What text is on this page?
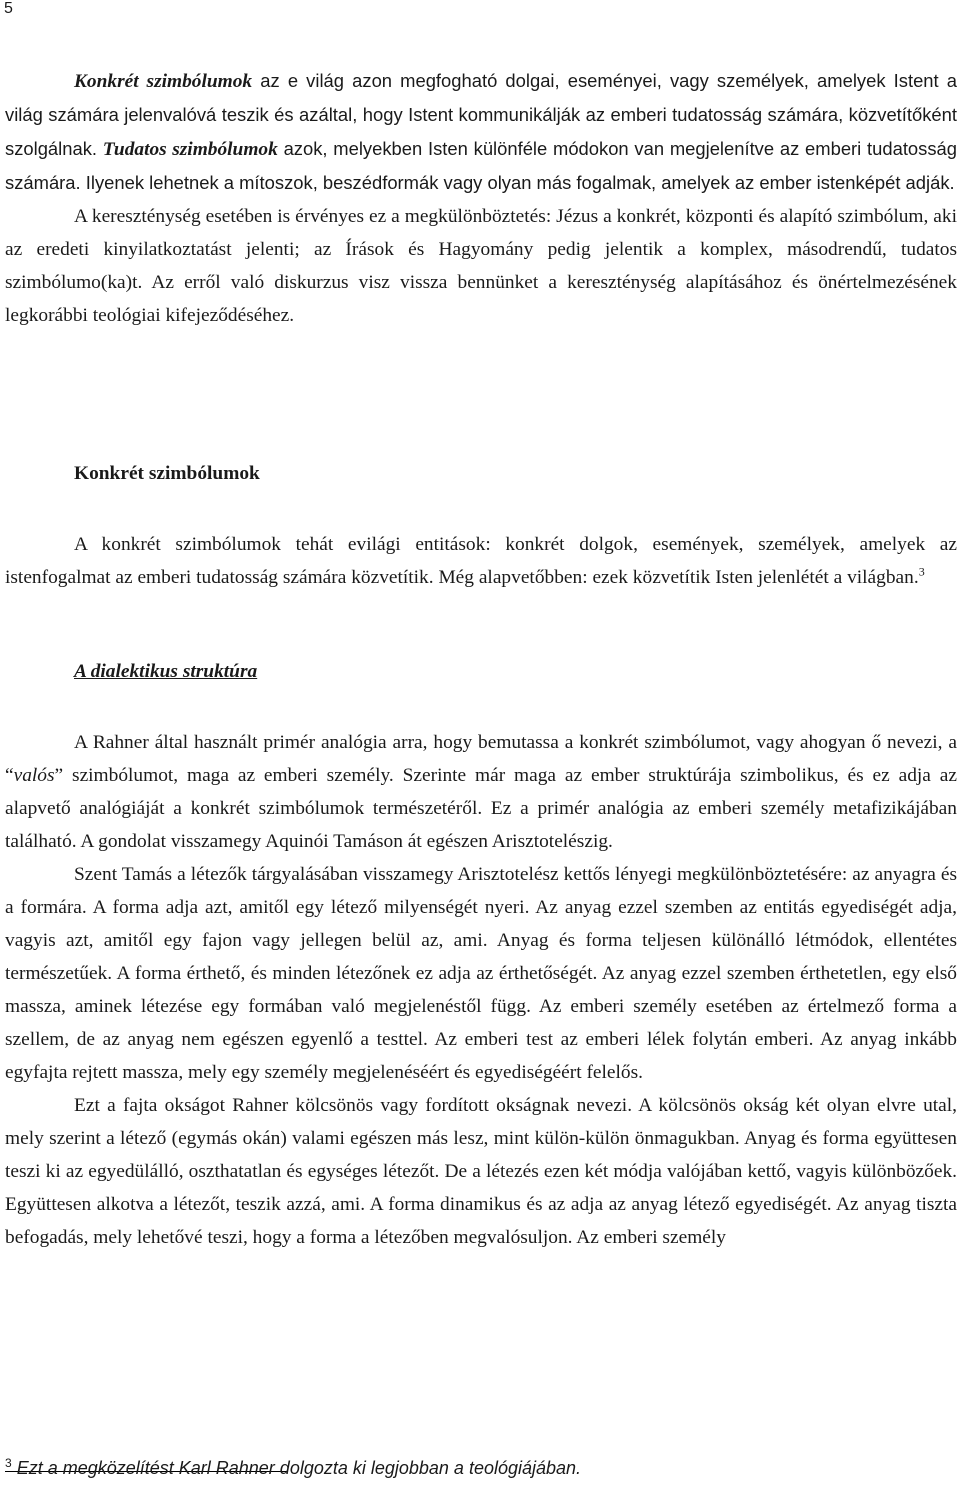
5

Konkrét szimbólumok az e világ azon megfogható dolgai, eseményei, vagy személyek, amelyek Istent a világ számára jelenvalóvá teszik és azáltal, hogy Istent kommunikálják az emberi tudatosság számára, közvetítőként szolgálnak. Tudatos szimbólumok azok, melyekben Isten különféle módokon van megjelenítve az emberi tudatosság számára. Ilyenek lehetnek a mítoszok, beszédformák vagy olyan más fogalmak, amelyek az ember istenképét adják.

A kereszténység esetében is érvényes ez a megkülönböztetés: Jézus a konkrét, központi és alapító szimbólum, aki az eredeti kinyilatkoztatást jelenti; az Írások és Hagyomány pedig jelentik a komplex, másodrendű, tudatos szimbólumo(ka)t. Az erről való diskurzus visz vissza bennünket a kereszténység alapításához és önértelmezésének legkorábbi teológiai kifejeződéséhez.

Konkrét szimbólumok

A konkrét szimbólumok tehát evilági entitások: konkrét dolgok, események, személyek, amelyek az istenfogalmat az emberi tudatosság számára közvetítik. Még alapvetőbben: ezek közvetítik Isten jelenlétét a világban.$^3$

A dialektikus struktúra

A Rahner által használt primér analógia arra, hogy bemutassa a konkrét szimbólumot, vagy ahogyan ő nevezi, a “valós” szimbólumot, maga az emberi személy. Szerinte már maga az ember struktúrája szimbolikus, és ez adja az alapvető analógiáját a konkrét szimbólumok természetéről. Ez a primér analógia az emberi személy metafizikájában található. A gondolat visszamegy Aquinói Tamáson át egészen Arisztotelészig.

Szent Tamás a létezők tárgyalásában visszamegy Arisztotelész kettős lényegi megkülönböztetésére: az anyagra és a formára. A forma adja azt, amitől egy létező milyenségét nyeri. Az anyag ezzel szemben az entitás egyediségét adja, vagyis azt, amitől egy fajon vagy jellegen belül az, ami. Anyag és forma teljesen különálló létmódok, ellentétes természetűek. A forma érthető, és minden létezőnek ez adja az érthetőségét. Az anyag ezzel szemben érthetetlen, egy első massza, aminek létezése egy formában való megjelenéstől függ. Az emberi személy esetében az értelmező forma a szellem, de az anyag nem egészen egyenlő a testtel. Az emberi test az emberi lélek folytán emberi. Az anyag inkább egyfajta rejtett massza, mely egy személy megjelenéséért és egyediségéért felelős.

Ezt a fajta okságot Rahner kölcsönös vagy fordított okságnak nevezi. A kölcsönös okság két olyan elvre utal, mely szerint a létező (egymás okán) valami egészen más lesz, mint külön-külön önmagukban. Anyag és forma együttesen teszi ki az egyedülálló, oszthatatlan és egységes létezőt. De a létezés ezen két módja valójában kettő, vagyis különbözőek. Együttesen alkotva a létezőt, teszik azzá, ami. A forma dinamikus és az adja az anyag létező egyediségét. Az anyag tiszta befogadás, mely lehetővé teszi, hogy a forma a létezőben megvalósuljon. Az emberi személy

$^3$ Ezt a megközelítést Karl Rahner dolgozta ki legjobban a teológiájában.
